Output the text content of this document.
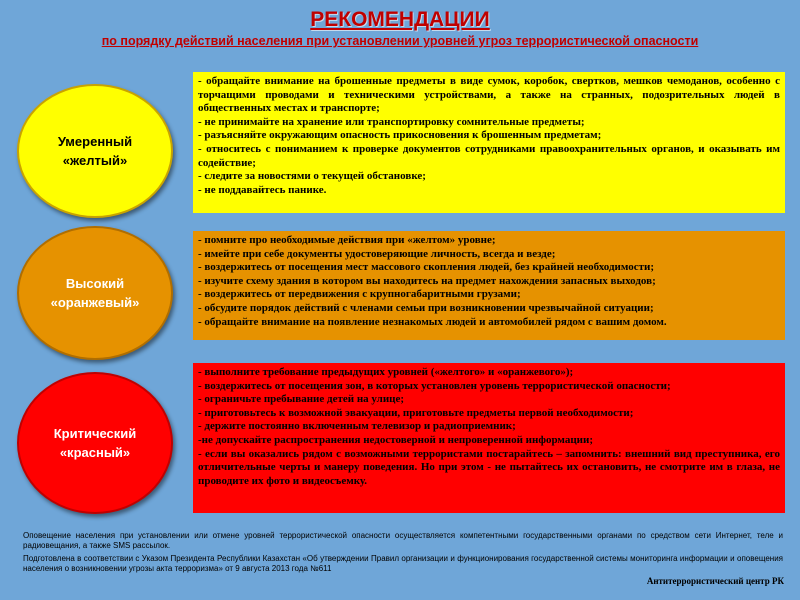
РЕКОМЕНДАЦИИ
по порядку действий населения при установлении уровней угроз террористической опасности
Умеренный
«желтый»
- обращайте внимание на брошенные предметы в виде сумок, коробок, свертков, мешков чемоданов, особенно с торчащими проводами и техническими устройствами, а также на странных, подозрительных людей в общественных местах и транспорте;
- не принимайте на хранение или транспортировку сомнительные предметы;
- разъясняйте окружающим опасность прикосновения к брошенным предметам;
- относитесь с пониманием к проверке документов сотрудниками правоохранительных органов, и оказывать им содействие;
- следите за новостями о текущей обстановке;
- не поддавайтесь панике.
Высокий
«оранжевый»
- помните про необходимые действия при «желтом» уровне;
- имейте при себе документы удостоверяющие личность, всегда и везде;
- воздержитесь от посещения мест массового скопления людей, без крайней необходимости;
- изучите схему здания в котором вы находитесь на предмет нахождения запасных выходов;
- воздержитесь от передвижения с крупногабаритными грузами;
- обсудите порядок действий с членами семьи при возникновении чрезвычайной ситуации;
- обращайте внимание на появление незнакомых людей и автомобилей рядом с вашим домом.
Критический
«красный»
- выполните требование предыдущих уровней («желтого» и «оранжевого»);
- воздержитесь от посещения зон, в которых установлен уровень террористической опасности;
- ограничьте пребывание детей на улице;
- приготовьтесь к возможной эвакуации, приготовьте предметы первой необходимости;
- держите постоянно включенным телевизор и радиоприемник;
-не допускайте распространения недостоверной и непроверенной информации;
- если вы оказались рядом с возможными террористами постарайтесь – запомнить: внешний вид преступника, его отличительные черты и манеру поведения. Но при этом - не пытайтесь их остановить, не смотрите им в глаза, не проводите их фото и видеосъемку.

Оповещение населения при установлении или отмене уровней террористической опасности осуществляется компетентными государственными органами по средством сети Интернет, теле и радиовещания, а также SMS рассылок.

Подготовлена в соответствии с Указом Президента Республики Казахстан «Об утверждении Правил организации и функционирования государственной системы мониторинга информации и оповещения населения о возникновении угрозы акта терроризма» от 9 августа 2013 года №611

Антитеррористический центр РК
